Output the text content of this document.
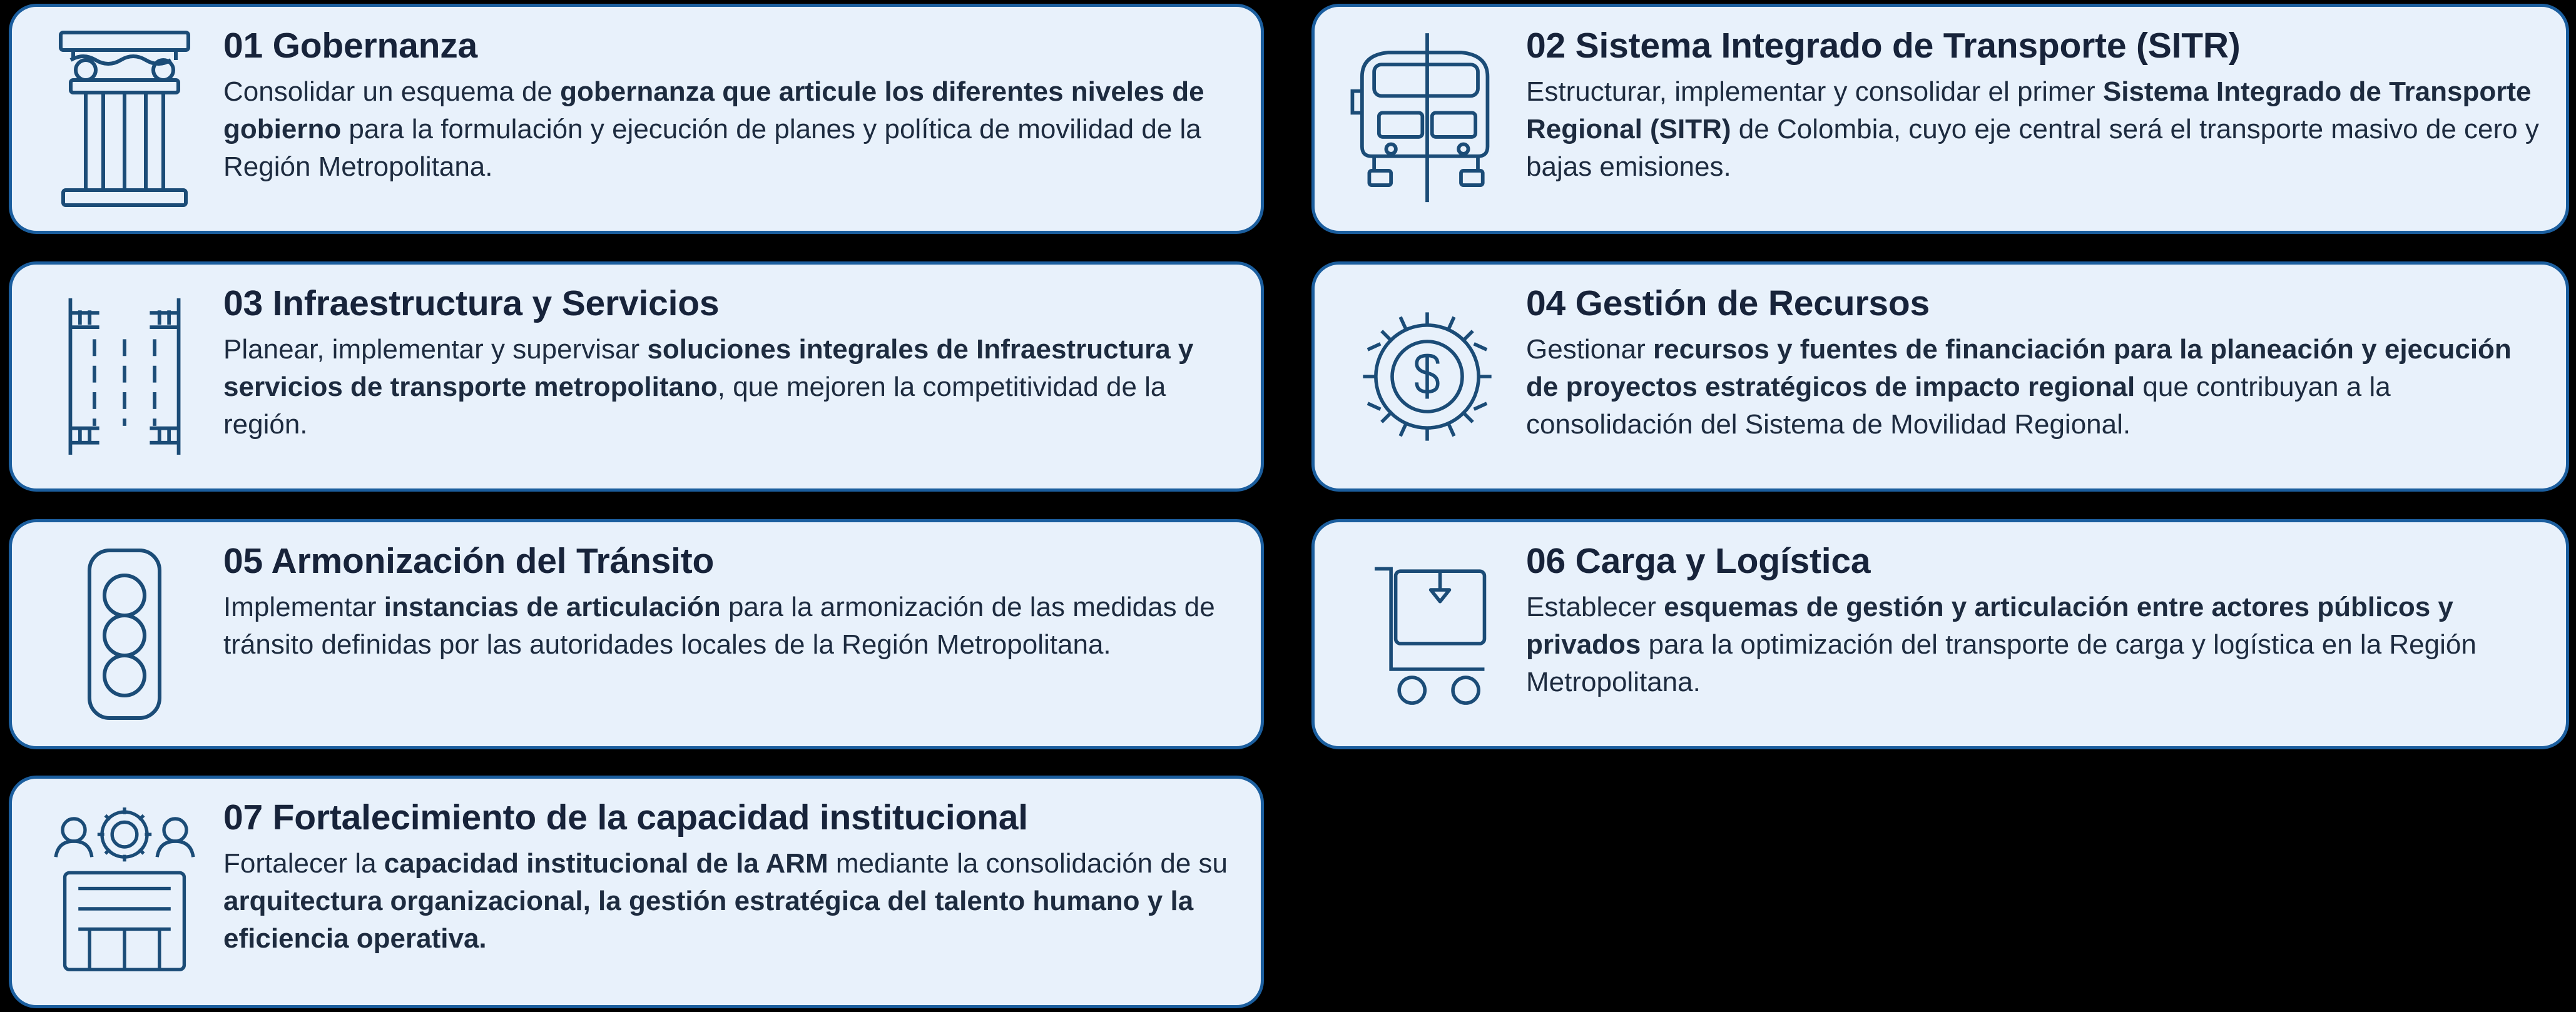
01 Gobernanza
Consolidar un esquema de gobernanza que articule los diferentes niveles de gobierno para la formulación y ejecución de planes y política de movilidad de la Región Metropolitana.
02 Sistema Integrado de Transporte (SITR)
Estructurar, implementar y consolidar el primer Sistema Integrado de Transporte Regional (SITR) de Colombia, cuyo eje central será el transporte masivo de cero y bajas emisiones.
03 Infraestructura y Servicios
Planear, implementar y supervisar soluciones integrales de Infraestructura y servicios de transporte metropolitano, que mejoren la competitividad de la región.
04 Gestión de Recursos
Gestionar recursos y fuentes de financiación para la planeación y ejecución de proyectos estratégicos de impacto regional que contribuyan a la consolidación del Sistema de Movilidad Regional.
05 Armonización del Tránsito
Implementar instancias de articulación para la armonización de las medidas de tránsito definidas por las autoridades locales de la Región Metropolitana.
06 Carga y Logística
Establecer esquemas de gestión y articulación entre actores públicos y privados para la optimización del transporte de carga y logística en la Región Metropolitana.
07 Fortalecimiento de la capacidad institucional
Fortalecer la capacidad institucional de la ARM mediante la consolidación de su arquitectura organizacional, la gestión estratégica del talento humano y la eficiencia operativa.
